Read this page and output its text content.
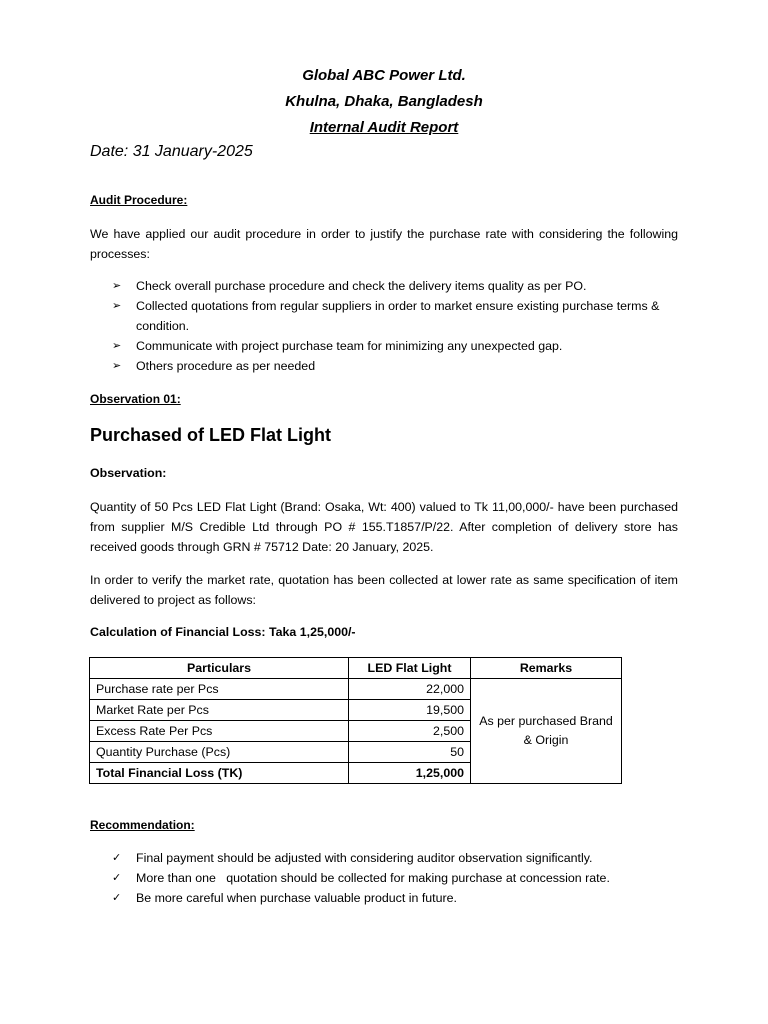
Global ABC Power Ltd.
Khulna, Dhaka, Bangladesh
Internal Audit Report
Date: 31 January-2025
Audit Procedure:
We have applied our audit procedure in order to justify the purchase rate with considering the following processes:
➢ Check overall purchase procedure and check the delivery items quality as per PO.
➢ Collected quotations from regular suppliers in order to market ensure existing purchase terms & condition.
➢ Communicate with project purchase team for minimizing any unexpected gap.
➢ Others procedure as per needed
Observation 01:
Purchased of LED Flat Light
Observation:
Quantity of 50 Pcs LED Flat Light (Brand: Osaka, Wt: 400) valued to Tk 11,00,000/- have been purchased from supplier M/S Credible Ltd through PO # 155.T1857/P/22. After completion of delivery store has received goods through GRN # 75712 Date: 20 January, 2025.
In order to verify the market rate, quotation has been collected at lower rate as same specification of item delivered to project as follows:
Calculation of Financial Loss: Taka 1,25,000/-
Particulars	LED Flat Light	Remarks
Purchase rate per Pcs	22,000	As per purchased Brand & Origin
Market Rate per Pcs	19,500	
Excess Rate Per Pcs	2,500	
Quantity Purchase (Pcs)	50	
Total Financial Loss (TK)	1,25,000	
Recommendation:
✓ Final payment should be adjusted with considering auditor observation significantly.
✓ More than one   quotation should be collected for making purchase at concession rate.
✓ Be more careful when purchase valuable product in future.
